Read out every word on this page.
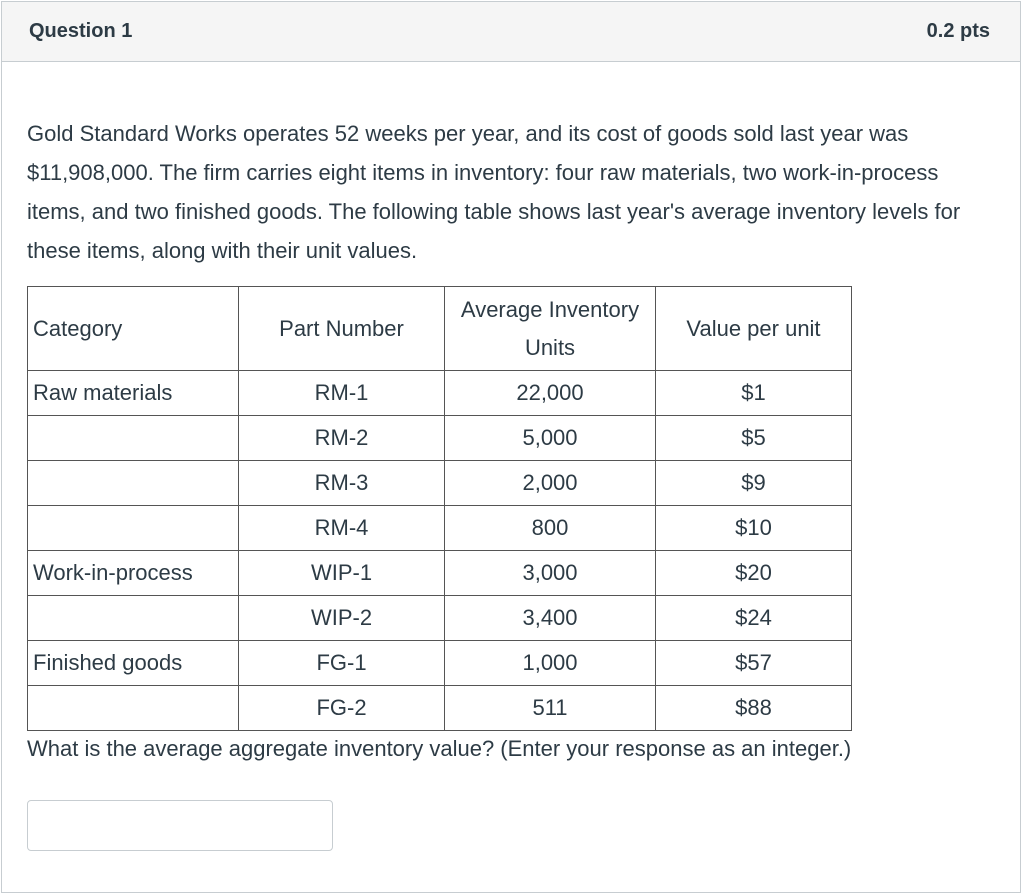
Question 1	0.2 pts
Gold Standard Works operates 52 weeks per year, and its cost of goods sold last year was $11,908,000. The firm carries eight items in inventory: four raw materials, two work-in-process items, and two finished goods. The following table shows last year's average inventory levels for these items, along with their unit values.
Category	Part Number	Average Inventory Units	Value per unit
Raw materials	RM-1	22,000	$1
	RM-2	5,000	$5
	RM-3	2,000	$9
	RM-4	800	$10
Work-in-process	WIP-1	3,000	$20
	WIP-2	3,400	$24
Finished goods	FG-1	1,000	$57
	FG-2	511	$88
What is the average aggregate inventory value? (Enter your response as an integer.)
